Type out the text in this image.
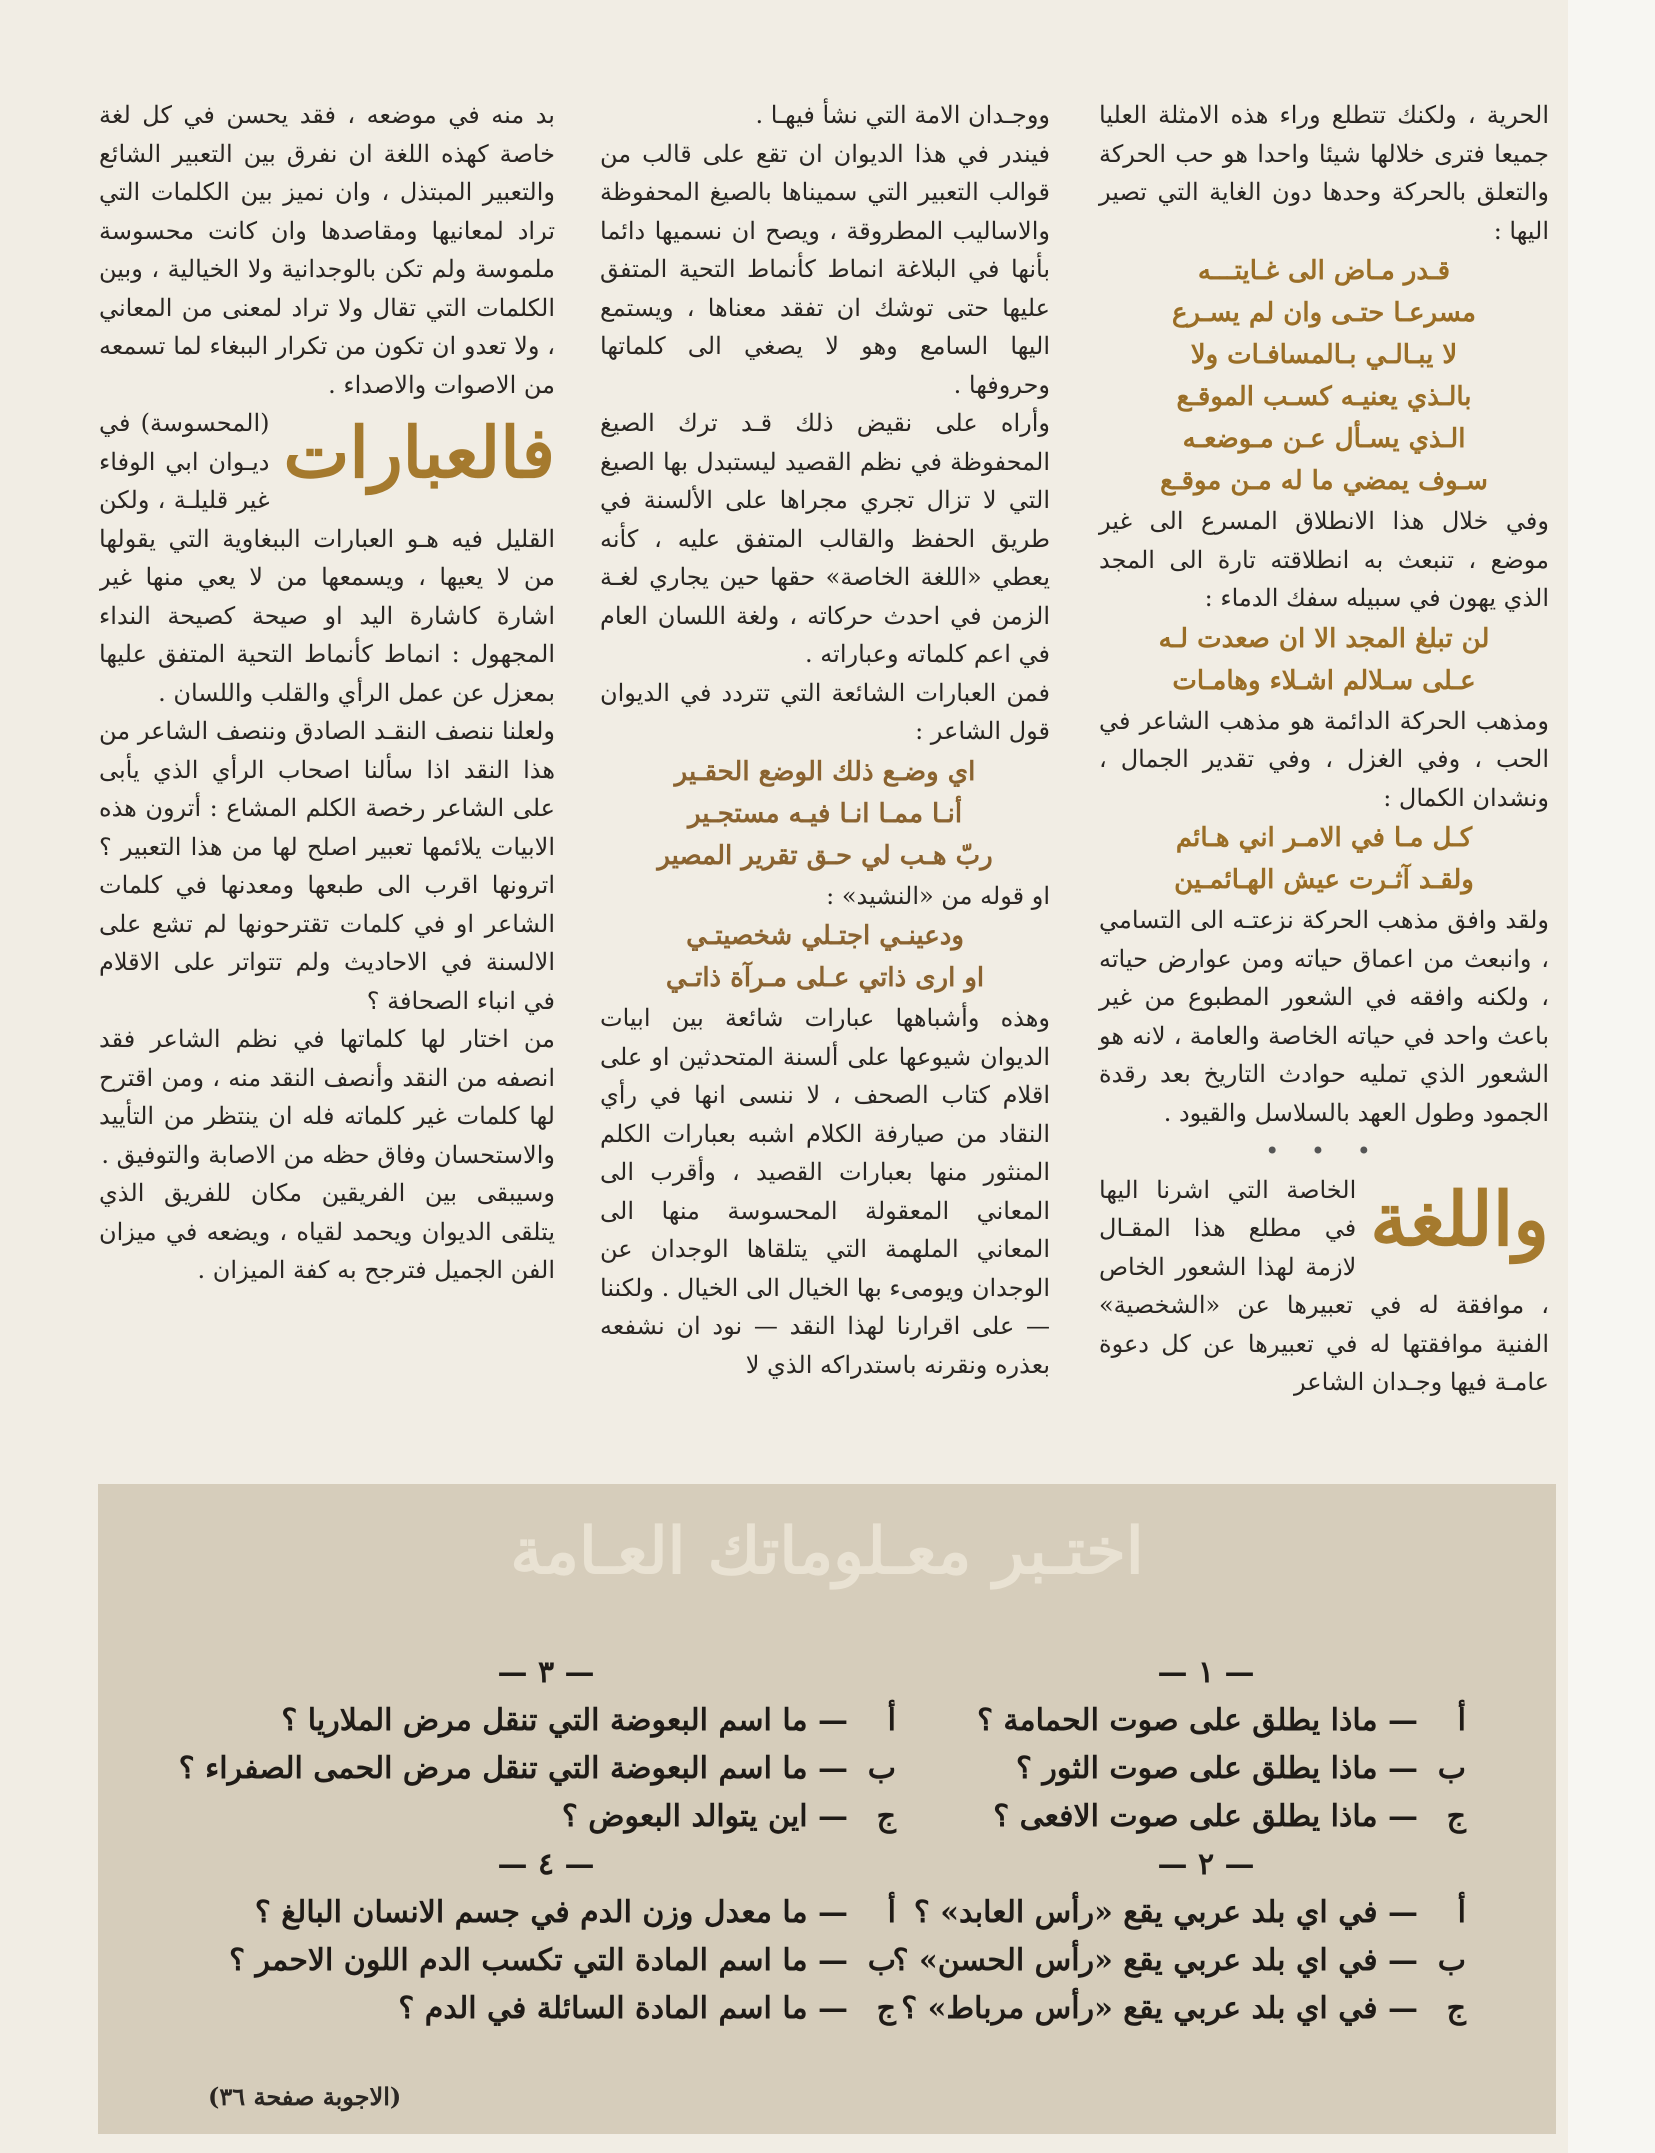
الحرية ، ولكنك تتطلع وراء هذه الامثلة العليا جميعا فترى خلالها شيئا واحدا هو حب الحركة والتعلق بالحركة وحدها دون الغاية التي تصير اليها :

قـدر مـاض الى غـايتـــه
مسرعـا حتـى وان لم يسـرع
لا يبـالـي بـالمسافـات ولا
بالـذي يعنيـه كسـب الموقـع
الـذي يسـأل عـن مـوضعـه
سـوف يمضي ما له مـن موقـع

وفي خلال هذا الانطلاق المسرع الى غير موضع ، تنبعث به انطلاقته تارة الى المجد الذي يهون في سبيله سفك الدماء :

لن تبلغ المجد الا ان صعدت لـه
عـلى سـلالم اشـلاء وهامـات

ومذهب الحركة الدائمة هو مذهب الشاعر في الحب ، وفي الغزل ، وفي تقدير الجمال ، ونشدان الكمال :

كـل مـا في الامـر اني هـائم
ولقـد آثـرت عيش الهـائمـين

ولقد وافق مذهب الحركة نزعتـه الى التسامي ، وانبعث من اعماق حياته ومن عوارض حياته ، ولكنه وافقه في الشعور المطبوع من غير باعث واحد في حياته الخاصة والعامة ، لانه هو الشعور الذي تمليه حوادث التاريخ بعد رقدة الجمود وطول العهد بالسلاسل والقيود .

• • •
واللغة
الخاصة التي اشرنا اليها في مطلع هذا المقـال لازمة لهذا الشعور الخاص ، موافقة له في تعبيرها عن «الشخصية» الفنية موافقتها له في تعبيرها عن كل دعوة عامـة فيها وجـدان الشاعر

ووجـدان الامة التي نشأ فيهـا .

فيندر في هذا الديوان ان تقع على قالب من قوالب التعبير التي سميناها بالصيغ المحفوظة والاساليب المطروقة ، ويصح ان نسميها دائما بأنها في البلاغة انماط كأنماط التحية المتفق عليها حتى توشك ان تفقد معناها ، ويستمع اليها السامع وهو لا يصغي الى كلماتها وحروفها .

وأراه على نقيض ذلك قـد ترك الصيغ المحفوظة في نظم القصيد ليستبدل بها الصيغ التي لا تزال تجري مجراها على الألسنة في طريق الحفظ والقالب المتفق عليه ، كأنه يعطي «اللغة الخاصة» حقها حين يجاري لغـة الزمن في احدث حركاته ، ولغة اللسان العام في اعم كلماته وعباراته .

فمن العبارات الشائعة التي تتردد في الديوان قول الشاعر :

اي وضـع ذلك الوضع الحقـير
أنـا ممـا انـا فيـه مستجـير
ربّ هـب لي حـق تقرير المصير

او قوله من «النشيد» :

ودعينـي اجتـلي شخصيتـي
او ارى ذاتي عـلى مـرآة ذاتـي

وهذه وأشباهها عبارات شائعة بين ابيات الديوان شيوعها على ألسنة المتحدثين او على اقلام كتاب الصحف ، لا ننسى انها في رأي النقاد من صيارفة الكلام اشبه بعبارات الكلم المنثور منها بعبارات القصيد ، وأقرب الى المعاني المعقولة المحسوسة منها الى المعاني الملهمة التي يتلقاها الوجدان عن الوجدان ويومىء بها الخيال الى الخيال . ولكننا — على اقرارنا لهذا النقد — نود ان نشفعه بعذره ونقرنه باستدراكه الذي لا

بد منه في موضعه ، فقد يحسن في كل لغة خاصة كهذه اللغة ان نفرق بين التعبير الشائع والتعبير المبتذل ، وان نميز بين الكلمات التي تراد لمعانيها ومقاصدها وان كانت محسوسة ملموسة ولم تكن بالوجدانية ولا الخيالية ، وبين الكلمات التي تقال ولا تراد لمعنى من المعاني ، ولا تعدو ان تكون من تكرار الببغاء لما تسمعه من الاصوات والاصداء .

فالعبارات
(المحسوسة) في ديـوان ابي الوفاء غير قليلـة ، ولكن القليل فيه هـو العبارات الببغاوية التي يقولها من لا يعيها ، ويسمعها من لا يعي منها غير اشارة كاشارة اليد او صيحة كصيحة النداء المجهول : انماط كأنماط التحية المتفق عليها بمعزل عن عمل الرأي والقلب واللسان .

ولعلنا ننصف النقـد الصادق وننصف الشاعر من هذا النقد اذا سألنا اصحاب الرأي الذي يأبى على الشاعر رخصة الكلم المشاع : أترون هذه الابيات يلائمها تعبير اصلح لها من هذا التعبير ؟ اترونها اقرب الى طبعها ومعدنها في كلمات الشاعر او في كلمات تقترحونها لم تشع على الالسنة في الاحاديث ولم تتواتر على الاقلام في انباء الصحافة ؟

من اختار لها كلماتها في نظم الشاعر فقد انصفه من النقد وأنصف النقد منه ، ومن اقترح لها كلمات غير كلماته فله ان ينتظر من التأييد والاستحسان وفاق حظه من الاصابة والتوفيق .

وسيبقى بين الفريقين مكان للفريق الذي يتلقى الديوان ويحمد لقياه ، ويضعه في ميزان الفن الجميل فترجح به كفة الميزان .

اختـبر معـلوماتك العـامة
— ١ —
أ— ماذا يطلق على صوت الحمامة ؟
ب— ماذا يطلق على صوت الثور ؟
ج— ماذا يطلق على صوت الافعى ؟
— ٢ —
أ— في اي بلد عربي يقع «رأس العابد» ؟
ب— في اي بلد عربي يقع «رأس الحسن» ؟
ج— في اي بلد عربي يقع «رأس مرباط» ؟
— ٣ —
أ— ما اسم البعوضة التي تنقل مرض الملاريا ؟
ب— ما اسم البعوضة التي تنقل مرض الحمى الصفراء ؟
ج— اين يتوالد البعوض ؟
— ٤ —
أ— ما معدل وزن الدم في جسم الانسان البالغ ؟
ب— ما اسم المادة التي تكسب الدم اللون الاحمر ؟
ج— ما اسم المادة السائلة في الدم ؟
(الاجوبة صفحة ٣٦)
